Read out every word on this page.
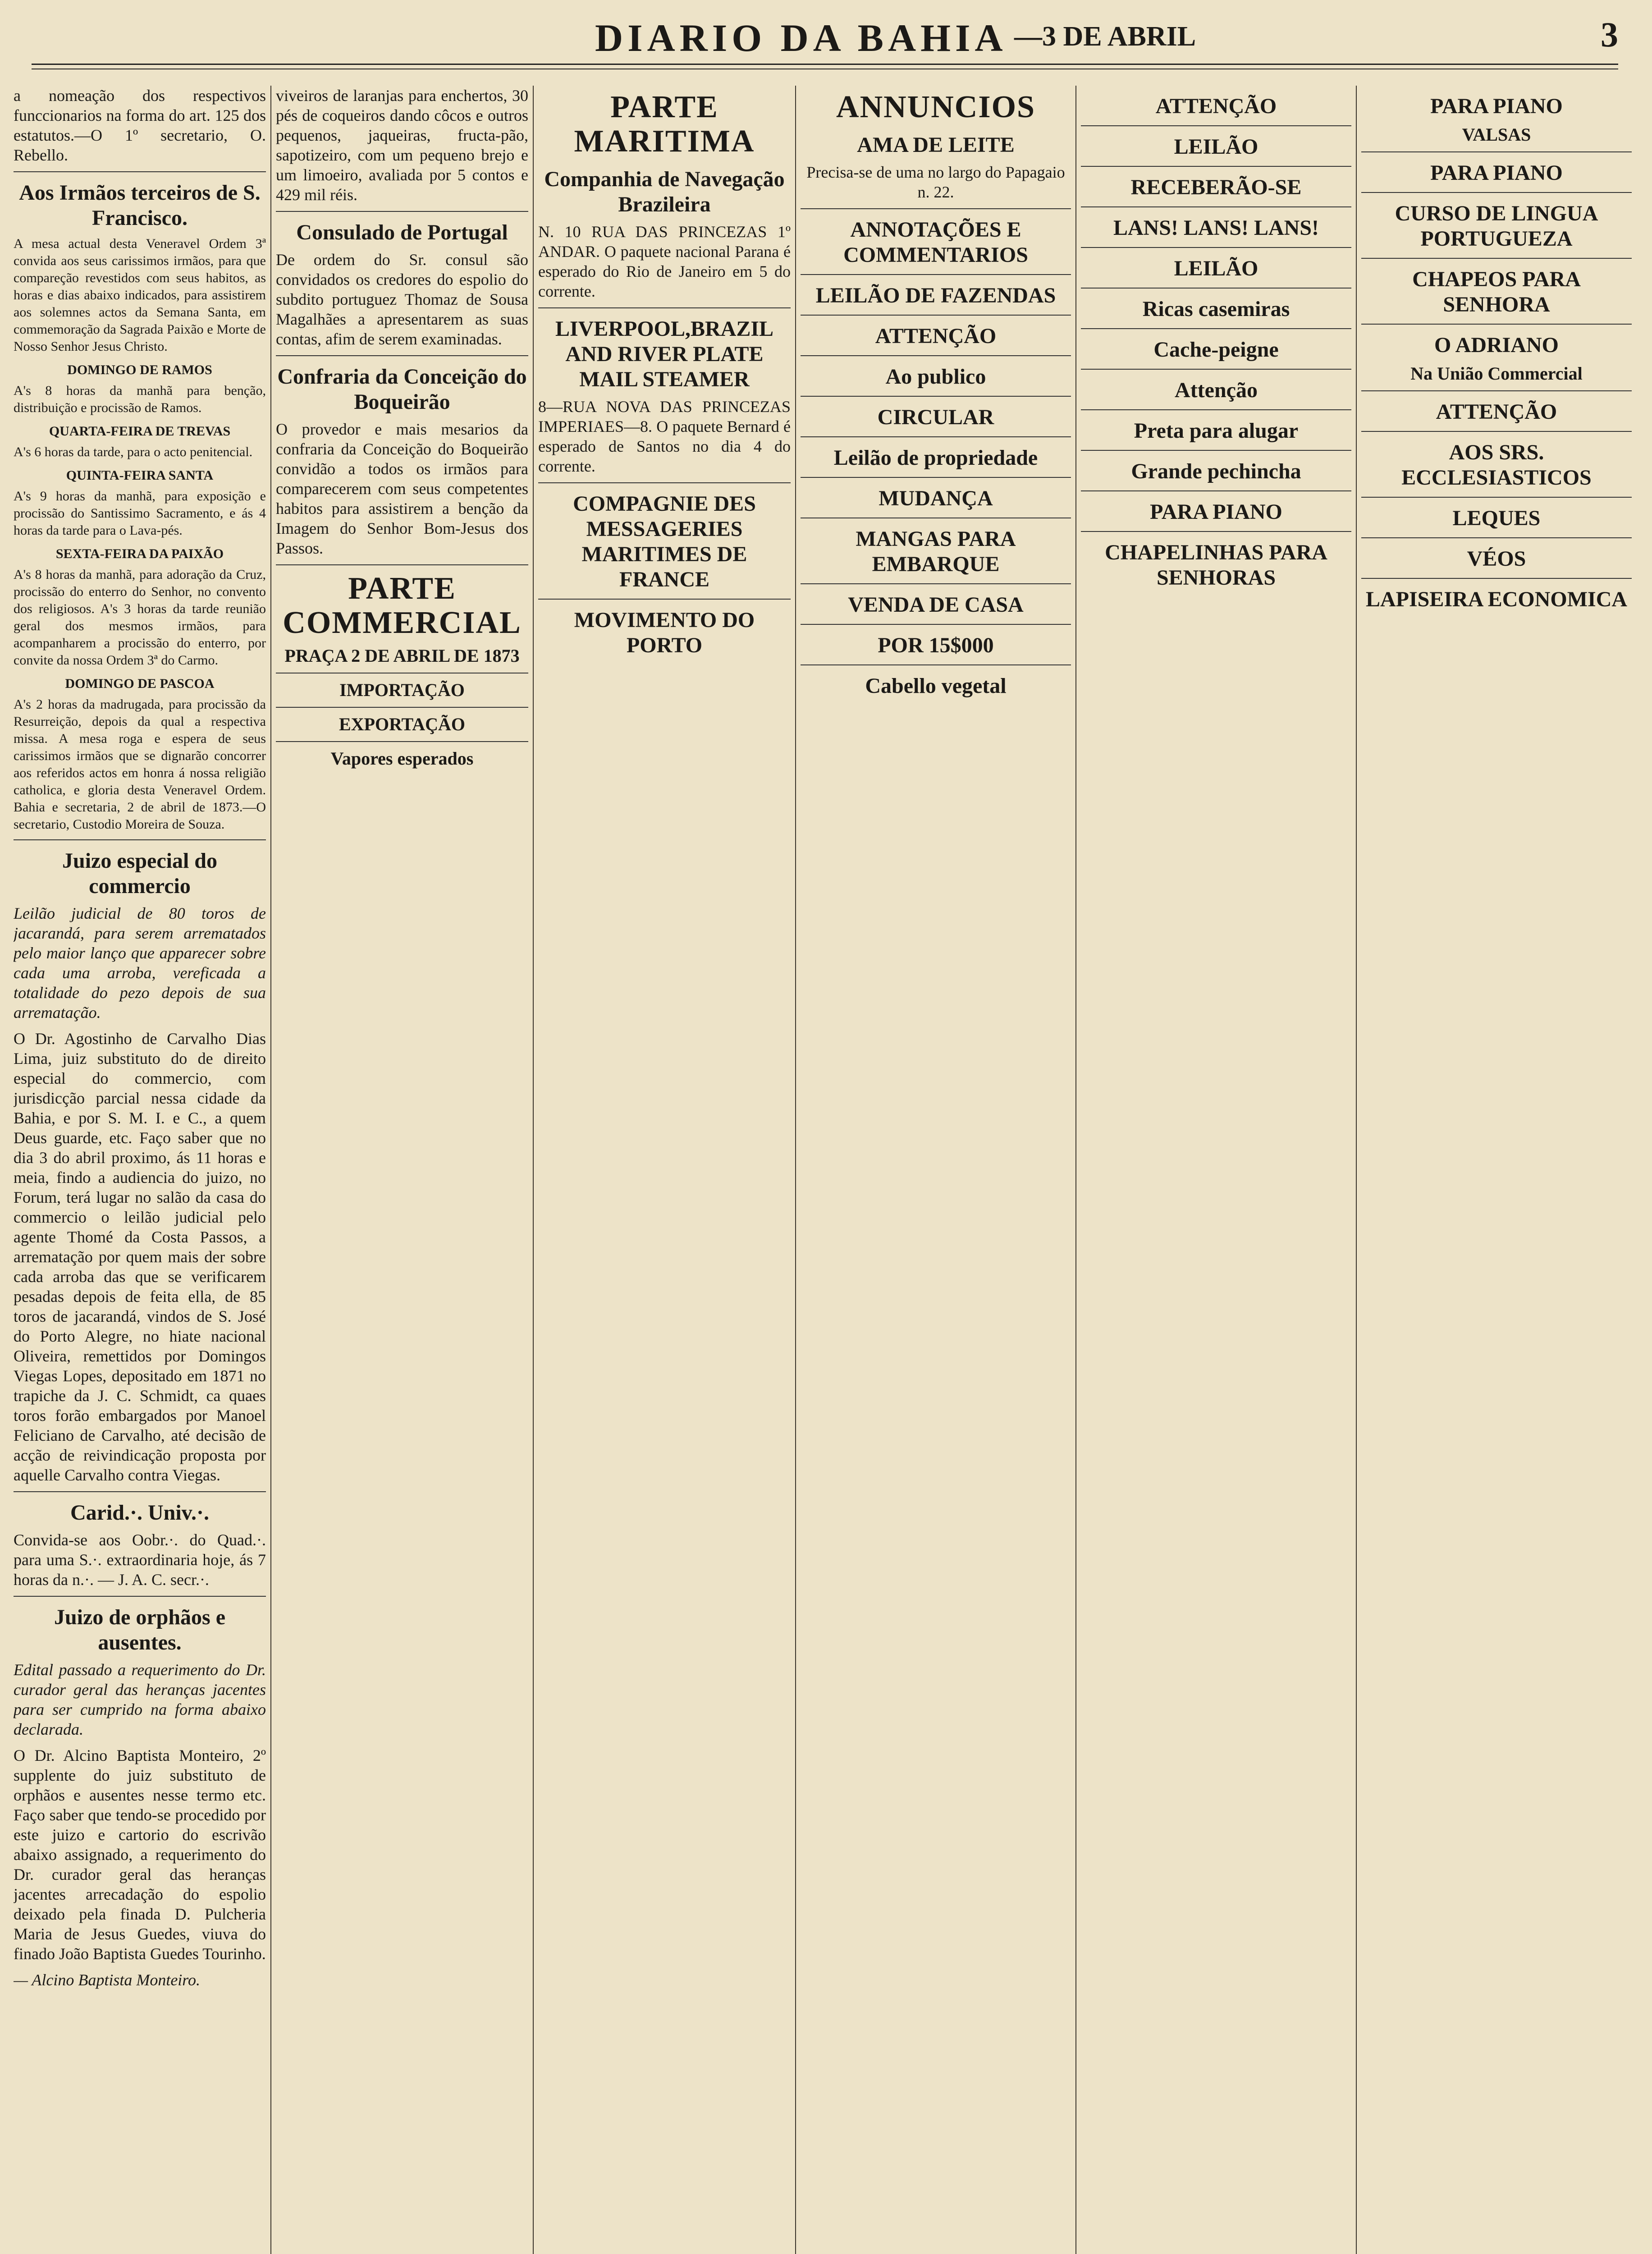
DIARIO DA BAHIA —3 DE ABRIL	3

a nomeação dos respectivos funccionarios na forma do art. 125 dos estatutos.—O 1º secretario, O. Rebello.

Aos Irmãos terceiros de S. Francisco.

A mesa actual desta Veneravel Ordem 3ª convida aos seus carissimos irmãos, para que compareção revestidos com seus habitos, as horas e dias abaixo indicados, para assistirem aos solemnes actos da Semana Santa, em commemoração da Sagrada Paixão e Morte de Nosso Senhor Jesus Christo.

DOMINGO DE RAMOS

A's 8 horas da manhã para benção, distribuição e procissão de Ramos.

QUARTA-FEIRA DE TREVAS

A's 6 horas da tarde, para o acto penitencial.

QUINTA-FEIRA SANTA

A's 9 horas da manhã, para exposição e procissão do Santissimo Sacramento, e ás 4 horas da tarde para o Lava-pés.

SEXTA-FEIRA DA PAIXÃO

A's 8 horas da manhã, para adoração da Cruz, procissão do enterro do Senhor, no convento dos religiosos. A's 3 horas da tarde reunião geral dos mesmos irmãos, para acompanharem a procissão do enterro, por convite da nossa Ordem 3ª do Carmo.

DOMINGO DE PASCOA

A's 2 horas da madrugada, para procissão da Resurreição, depois da qual a respectiva missa. A mesa roga e espera de seus carissimos irmãos que se dignarão concorrer aos referidos actos em honra á nossa religião catholica, e gloria desta Veneravel Ordem. Bahia e secretaria, 2 de abril de 1873.—O secretario, Custodio Moreira de Souza.

Juizo especial do commercio

Leilão judicial de 80 toros de jacarandá, para serem arrematados pelo maior lanço que apparecer sobre cada uma arroba, vereficada a totalidade do pezo depois de sua arrematação.

O Dr. Agostinho de Carvalho Dias Lima, juiz substituto do de direito especial do commercio, com jurisdicção parcial nessa cidade da Bahia, e por S. M. I. e C., a quem Deus guarde, etc. Faço saber que no dia 3 do abril proximo, ás 11 horas e meia, findo a audiencia do juizo, no Forum, terá lugar no salão da casa do commercio o leilão judicial pelo agente Thomé da Costa Passos, a arrematação por quem mais der sobre cada arroba das que se verificarem pesadas depois de feita ella, de 85 toros de jacarandá, vindos de S. José do Porto Alegre, no hiate nacional Oliveira, remettidos por Domingos Viegas Lopes, depositado em 1871 no trapiche da J. C. Schmidt, ca quaes toros forão embargados por Manoel Feliciano de Carvalho, até decisão de acção de reivindicação proposta por aquelle Carvalho contra Viegas.

Carid.·. Univ.·.

Convida-se aos Oobr.·. do Quad.·. para uma S.·. extraordinaria hoje, ás 7 horas da n.·. — J. A. C. secr.·.

Juizo de orphãos e ausentes.

Edital passado a requerimento do Dr. curador geral das heranças jacentes para ser cumprido na forma abaixo declarada.

O Dr. Alcino Baptista Monteiro, 2º supplente do juiz substituto de orphãos e ausentes nesse termo etc. Faço saber que tendo-se procedido por este juizo e cartorio do escrivão abaixo assignado, a requerimento do Dr. curador geral das heranças jacentes arrecadação do espolio deixado pela finada D. Pulcheria Maria de Jesus Guedes, viuva do finado João Baptista Guedes Tourinho.

— Alcino Baptista Monteiro.

viveiros de laranjas para enchertos, 30 pés de coqueiros dando côcos e outros pequenos, jaqueiras, fructa-pão, sapotizeiro, com um pequeno brejo e um limoeiro, avaliada por 5 contos e 429 mil réis.

Consulado de Portugal

De ordem do Sr. consul são convidados os credores do espolio do subdito portuguez Thomaz de Sousa Magalhães a apresentarem as suas contas, afim de serem examinadas.

Confraria da Conceição do Boqueirão

O provedor e mais mesarios da confraria da Conceição do Boqueirão convidão a todos os irmãos para comparecerem com seus competentes habitos para assistirem a benção da Imagem do Senhor Bom-Jesus dos Passos.

PARTE COMMERCIAL
PRAÇA 2 DE ABRIL DE 1873
IMPORTAÇÃO
EXPORTAÇÃO
Vapores esperados
PARTE MARITIMA
Companhia de Navegação Brazileira

N. 10 RUA DAS PRINCEZAS 1º ANDAR. O paquete nacional Parana é esperado do Rio de Janeiro em 5 do corrente.

LIVERPOOL,BRAZIL AND RIVER PLATE MAIL STEAMER

8—RUA NOVA DAS PRINCEZAS IMPERIAES—8. O paquete Bernard é esperado de Santos no dia 4 do corrente.

COMPAGNIE DES MESSAGERIES MARITIMES DE FRANCE
MOVIMENTO DO PORTO
ANNUNCIOS
AMA DE LEITE

Precisa-se de uma no largo do Papagaio n. 22.

ANNOTAÇÕES E COMMENTARIOS
LEILÃO DE FAZENDAS
ATTENÇÃO
Ao publico
CIRCULAR
Leilão de propriedade
MUDANÇA
MANGAS PARA EMBARQUE
VENDA DE CASA
POR 15$000
Cabello vegetal
ATTENÇÃO
LEILÃO
RECEBERÃO-SE
LANS! LANS! LANS!
LEILÃO
Ricas casemiras
Cache-peigne
Attenção
Preta para alugar
Grande pechincha
PARA PIANO
CHAPELINHAS PARA SENHORAS
PARA PIANO
VALSAS
PARA PIANO
CURSO DE LINGUA PORTUGUEZA
CHAPEOS PARA SENHORA
O ADRIANO
Na União Commercial
ATTENÇÃO
AOS SRS. ECCLESIASTICOS
LEQUES
VÉOS
LAPISEIRA ECONOMICA
